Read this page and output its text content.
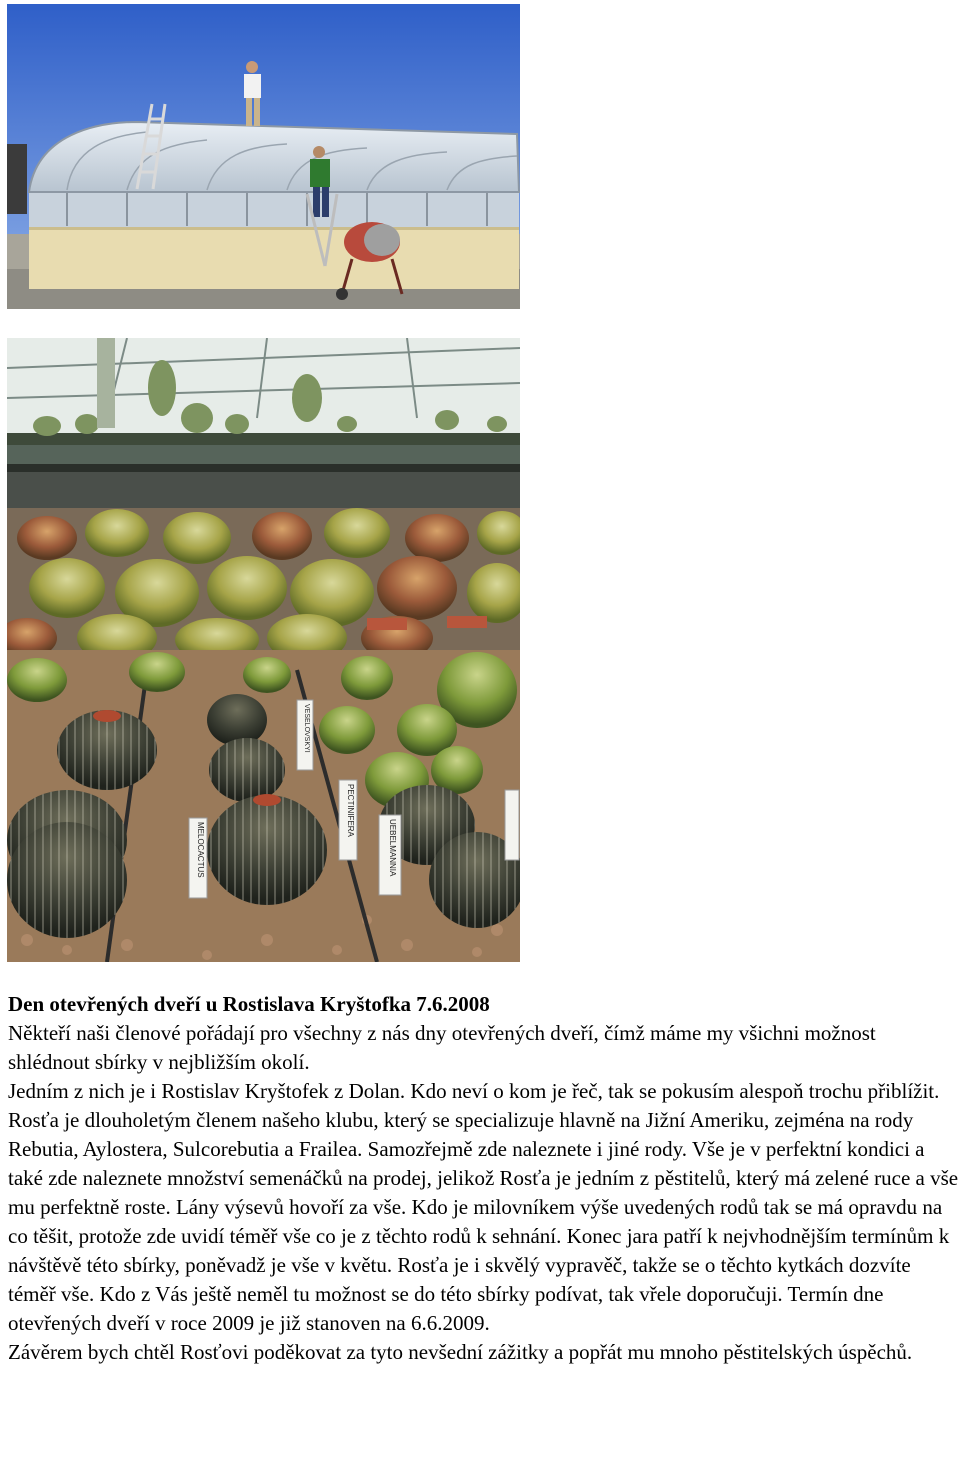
MELOCACTUS
PECTINIFERA
VESELOVSKYI
UEBELMANNIA

Den otevřených dveří u Rostislava Kryštofka 7.6.2008

Někteří naši členové pořádají pro všechny z nás dny otevřených dveří, čímž máme my všichni možnost shlédnout sbírky v nejbližším okolí.

Jedním z nich je i Rostislav Kryštofek z Dolan. Kdo neví o kom je řeč, tak se pokusím alespoň trochu přiblížit. Rosťa je dlouholetým členem našeho klubu, který se specializuje hlavně na Jižní Ameriku, zejména na rody Rebutia, Aylostera, Sulcorebutia a Frailea. Samozřejmě zde naleznete i jiné rody. Vše je v perfektní kondici a také zde naleznete množství semenáčků na prodej, jelikož Rosťa je jedním z pěstitelů, který má zelené ruce a vše mu perfektně roste. Lány výsevů hovoří za vše. Kdo je milovníkem výše uvedených rodů tak se má opravdu na co těšit, protože zde uvidí téměř vše co je z těchto rodů k sehnání. Konec jara patří k nejvhodnějším termínům k návštěvě této sbírky, poněvadž je vše v květu. Rosťa je i skvělý vypravěč, takže se o těchto kytkách dozvíte téměř vše. Kdo z Vás ještě neměl tu možnost se do této sbírky podívat, tak vřele doporučuji. Termín dne otevřených dveří v roce 2009 je již stanoven na 6.6.2009.

Závěrem bych chtěl Rosťovi poděkovat za tyto nevšední zážitky a popřát mu mnoho pěstitelských úspěchů.
